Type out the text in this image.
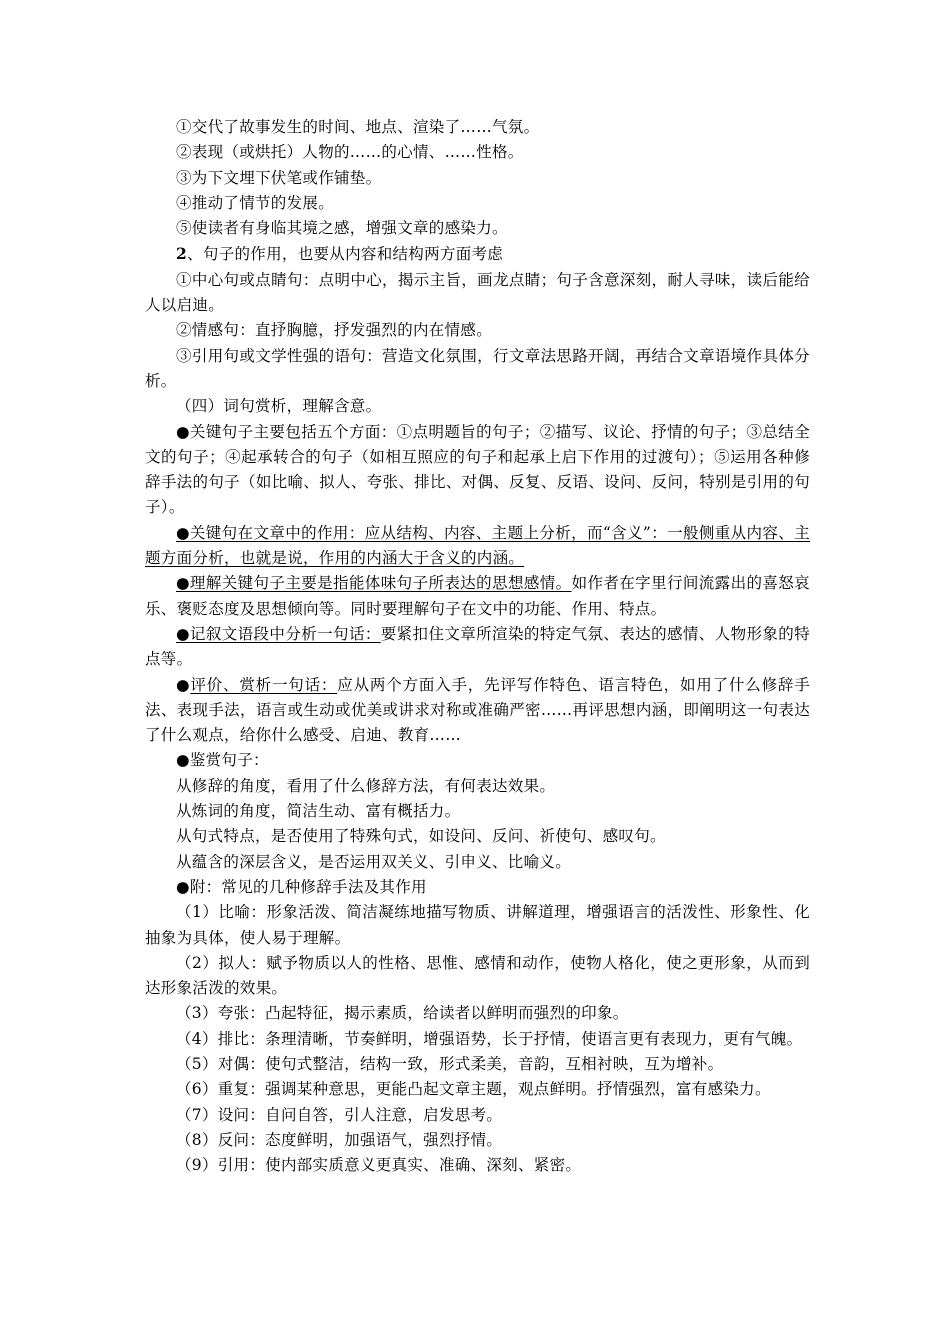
①交代了故事发生的时间、地点、渲染了……气氛。

②表现（或烘托）人物的……的心情、……性格。

③为下文埋下伏笔或作铺垫。

④推动了情节的发展。

⑤使读者有身临其境之感，增强文章的感染力。

2、句子的作用，也要从内容和结构两方面考虑

①中心句或点睛句：点明中心，揭示主旨，画龙点睛；句子含意深刻，耐人寻味，读后能给人以启迪。

②情感句：直抒胸臆，抒发强烈的内在情感。

③引用句或文学性强的语句：营造文化氛围，行文章法思路开阔，再结合文章语境作具体分析。

（四）词句赏析，理解含意。

●关键句子主要包括五个方面：①点明题旨的句子；②描写、议论、抒情的句子；③总结全文的句子；④起承转合的句子（如相互照应的句子和起承上启下作用的过渡句）；⑤运用各种修辞手法的句子（如比喻、拟人、夸张、排比、对偶、反复、反语、设问、反问，特别是引用的句子）。

●关键句在文章中的作用：应从结构、内容、主题上分析，而“含义”：一般侧重从内容、主题方面分析，也就是说，作用的内涵大于含义的内涵。

●理解关键句子主要是指能体味句子所表达的思想感情。如作者在字里行间流露出的喜怒哀乐、褒贬态度及思想倾向等。同时要理解句子在文中的功能、作用、特点。

●记叙文语段中分析一句话：要紧扣住文章所渲染的特定气氛、表达的感情、人物形象的特点等。

●评价、赏析一句话：应从两个方面入手，先评写作特色、语言特色，如用了什么修辞手法、表现手法，语言或生动或优美或讲求对称或准确严密……再评思想内涵，即阐明这一句表达了什么观点，给你什么感受、启迪、教育……

●鉴赏句子：

从修辞的角度，看用了什么修辞方法，有何表达效果。

从炼词的角度，简洁生动、富有概括力。

从句式特点，是否使用了特殊句式，如设问、反问、祈使句、感叹句。

从蕴含的深层含义，是否运用双关义、引申义、比喻义。

●附：常见的几种修辞手法及其作用

（1）比喻：形象活泼、简洁凝练地描写物质、讲解道理，增强语言的活泼性、形象性、化抽象为具体，使人易于理解。

（2）拟人：赋予物质以人的性格、思惟、感情和动作，使物人格化，使之更形象，从而到达形象活泼的效果。

（3）夸张：凸起特征，揭示素质，给读者以鲜明而强烈的印象。

（4）排比：条理清晰，节奏鲜明，增强语势，长于抒情，使语言更有表现力，更有气魄。

（5）对偶：使句式整洁，结构一致，形式柔美，音韵，互相衬映，互为增补。

（6）重复：强调某种意思，更能凸起文章主题，观点鲜明。抒情强烈，富有感染力。

（7）设问：自问自答，引人注意，启发思考。

（8）反问：态度鲜明，加强语气，强烈抒情。

（9）引用：使内部实质意义更真实、准确、深刻、紧密。
